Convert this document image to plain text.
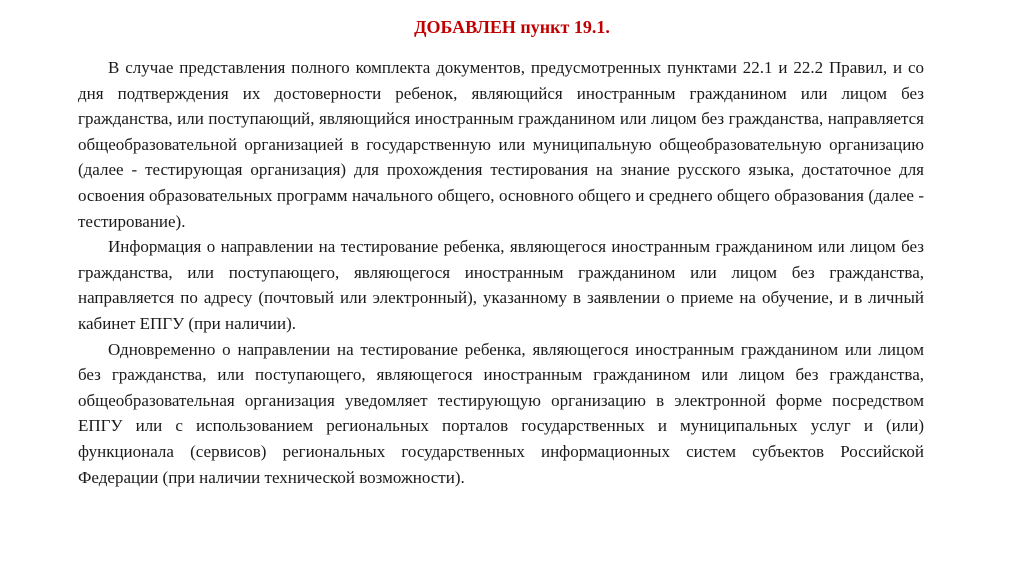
ДОБАВЛЕН пункт 19.1.

В случае представления полного комплекта документов, предусмотренных пунктами 22.1 и 22.2 Правил, и со дня подтверждения их достоверности ребенок, являющийся иностранным гражданином или лицом без гражданства, или поступающий, являющийся иностранным гражданином или лицом без гражданства, направляется общеобразовательной организацией в государственную или муниципальную общеобразовательную организацию (далее - тестирующая организация) для прохождения тестирования на знание русского языка, достаточное для освоения образовательных программ начального общего, основного общего и среднего общего образования (далее - тестирование).

Информация о направлении на тестирование ребенка, являющегося иностранным гражданином или лицом без гражданства, или поступающего, являющегося иностранным гражданином или лицом без гражданства, направляется по адресу (почтовый или электронный), указанному в заявлении о приеме на обучение, и в личный кабинет ЕПГУ (при наличии).

Одновременно о направлении на тестирование ребенка, являющегося иностранным гражданином или лицом без гражданства, или поступающего, являющегося иностранным гражданином или лицом без гражданства, общеобразовательная организация уведомляет тестирующую организацию в электронной форме посредством ЕПГУ или с использованием региональных порталов государственных и муниципальных услуг и (или) функционала (сервисов) региональных государственных информационных систем субъектов Российской Федерации (при наличии технической возможности).
